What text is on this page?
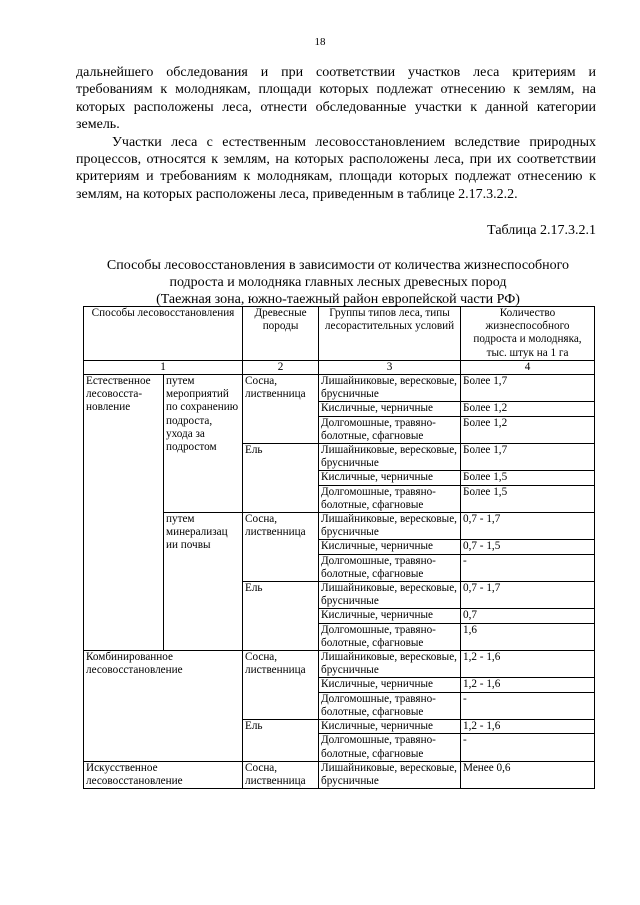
18

дальнейшего обследования и при соответствии участков леса критериям и требованиям к молоднякам, площади которых подлежат отнесению к землям, на которых расположены леса, отнести обследованные участки к данной категории земель.

Участки леса с естественным лесовосстановлением вследствие природных процессов, относятся к землям, на которых расположены леса, при их соответствии критериям и требованиям к молоднякам, площади которых подлежат отнесению к землям, на которых расположены леса, приведенным в таблице 2.17.3.2.2.

Таблица 2.17.3.2.1
Способы лесовосстановления в зависимости от количества жизнеспособного
подроста и молодняка главных лесных древесных пород
(Таежная зона, южно-таежный район европейской части РФ)
Способы лесовосстановления		Древесные породы	Группы типов леса, типы лесорастительных условий	Количество жизнеспособного подроста и молодняка, тыс. штук на 1 га
1		2	3	4

Естественное
лесовосста-
новление	путем мероприятий по сохранению подроста, ухода за подростом	Сосна, лиственница	Лишайниковые, вересковые, брусничные	Более 1,7
			Кисличные, черничные	Более 1,2
			Долгомошные, травяно-болотные, сфагновые	Более 1,2
		Ель	Лишайниковые, вересковые, брусничные	Более 1,7
			Кисличные, черничные	Более 1,5
			Долгомошные, травяно-болотные, сфагновые	Более 1,5
	путем минерализац ии почвы	Сосна, лиственница	Лишайниковые, вересковые, брусничные	0,7 - 1,7
			Кисличные, черничные	0,7 - 1,5
			Долгомошные, травяно-болотные, сфагновые	-
		Ель	Лишайниковые, вересковые, брусничные	0,7 - 1,7
			Кисличные, черничные	0,7
			Долгомошные, травяно-болотные, сфагновые	1,6
Комбинированное лесовосстановление		Сосна, лиственница	Лишайниковые, вересковые, брусничные	1,2 - 1,6
			Кисличные, черничные	1,2 - 1,6
			Долгомошные, травяно-болотные, сфагновые	-
		Ель	Кисличные, черничные	1,2 - 1,6
			Долгомошные, травяно-болотные, сфагновые	-
Искусственное лесовосстановление		Сосна, лиственница	Лишайниковые, вересковые, брусничные	Менее 0,6
